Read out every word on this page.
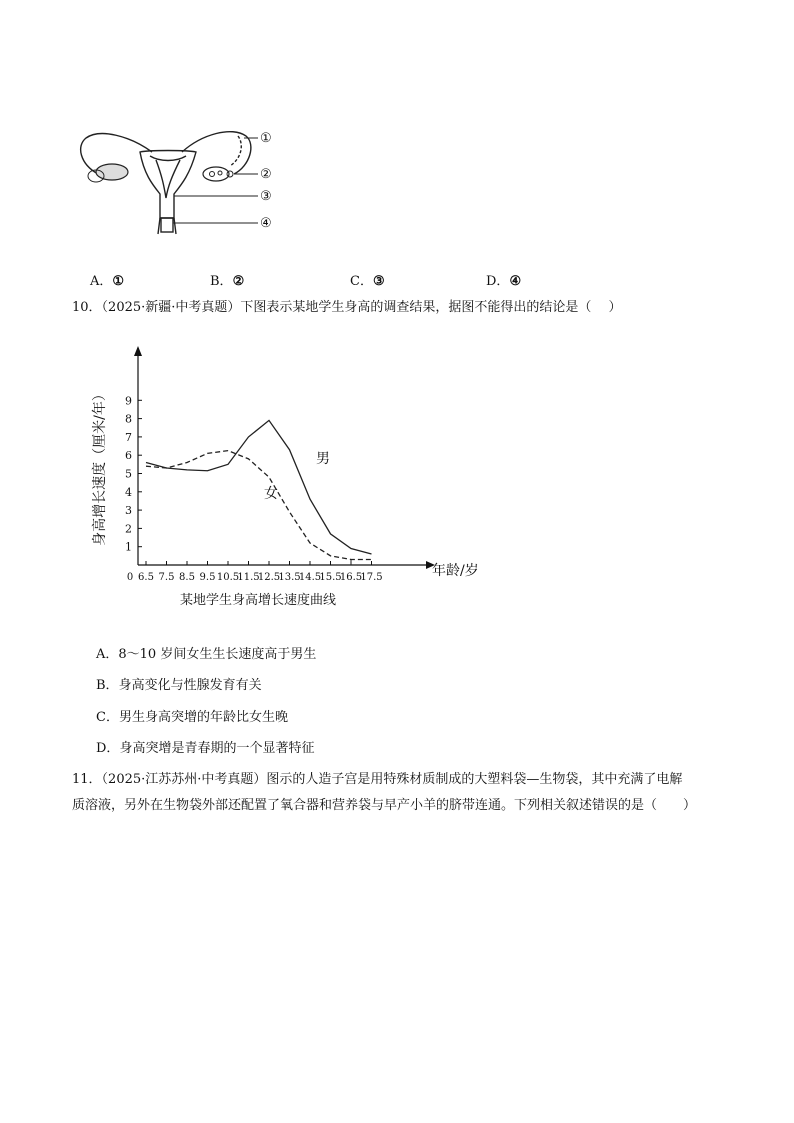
①
②
③
④
A．①	B．②	C．③	D．④
10．（2025·新疆·中考真题）下图表示某地学生身高的调查结果，据图不能得出的结论是（　 ）
1
2
3
4
5
6
7
8
9
0 6.5 7.5 8.5 9.5 10.5
11.5
12.5
13.5
14.5
15.5
16.5
17.5
男
女
年龄/岁
身高增长速度（厘米/年）
某地学生身高增长速度曲线
A．8～10 岁间女生生长速度高于男生
B．身高变化与性腺发育有关
C．男生身高突增的年龄比女生晚
D．身高突增是青春期的一个显著特征
11．（2025·江苏苏州·中考真题）图示的人造子宫是用特殊材质制成的大塑料袋—生物袋，其中充满了电解
质溶液，另外在生物袋外部还配置了氧合器和营养袋与早产小羊的脐带连通。下列相关叙述错误的是（　　）
